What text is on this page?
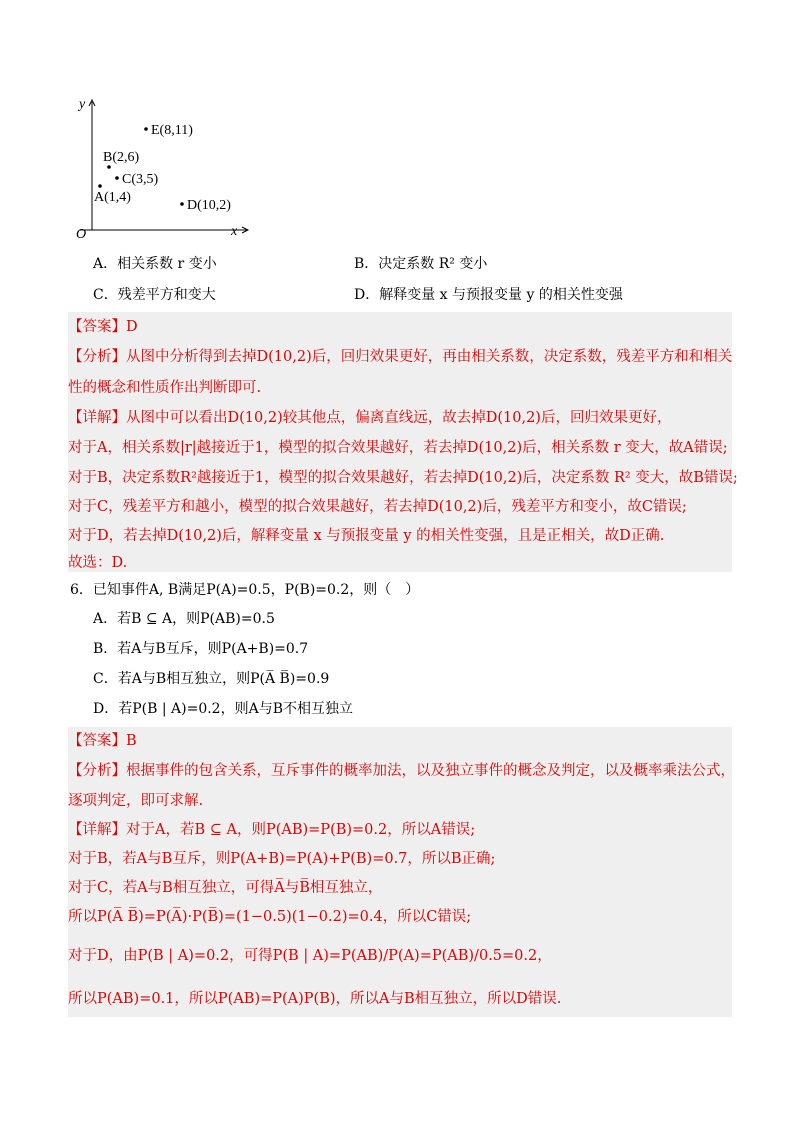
y
x
O
E(8,11)
B(2,6)
C(3,5)
A(1,4)
D(10,2)
A．相关系数 r 变小	B．决定系数 R² 变小
C．残差平方和变大	D．解释变量 x 与预报变量 y 的相关性变强
【答案】D
【分析】从图中分析得到去掉D(10,2)后，回归效果更好，再由相关系数，决定系数，残差平方和和相关
性的概念和性质作出判断即可.
【详解】从图中可以看出D(10,2)较其他点，偏离直线远，故去掉D(10,2)后，回归效果更好，
对于A，相关系数|r|越接近于1，模型的拟合效果越好，若去掉D(10,2)后，相关系数 r 变大，故A错误;
对于B，决定系数R²越接近于1，模型的拟合效果越好，若去掉D(10,2)后，决定系数 R² 变大，故B错误;
对于C，残差平方和越小，模型的拟合效果越好，若去掉D(10,2)后，残差平方和变小，故C错误;
对于D，若去掉D(10,2)后，解释变量 x 与预报变量 y 的相关性变强，且是正相关，故D正确.
故选：D.
6．已知事件A, B满足P(A)=0.5，P(B)=0.2，则（　）
A．若B ⊆ A，则P(AB)=0.5
B．若A与B互斥，则P(A+B)=0.7
C．若A与B相互独立，则P(A̅ B̅)=0.9
D．若P(B | A)=0.2，则A与B不相互独立
【答案】B
【分析】根据事件的包含关系，互斥事件的概率加法，以及独立事件的概念及判定，以及概率乘法公式，
逐项判定，即可求解.
【详解】对于A，若B ⊆ A，则P(AB)=P(B)=0.2，所以A错误;
对于B，若A与B互斥，则P(A+B)=P(A)+P(B)=0.7，所以B正确;
对于C，若A与B相互独立，可得A̅与B̅相互独立，
所以P(A̅ B̅)=P(A̅)·P(B̅)=(1−0.5)(1−0.2)=0.4，所以C错误;
对于D，由P(B | A)=0.2，可得P(B | A)=P(AB)/P(A)=P(AB)/0.5=0.2，
所以P(AB)=0.1，所以P(AB)=P(A)P(B)，所以A与B相互独立，所以D错误.
